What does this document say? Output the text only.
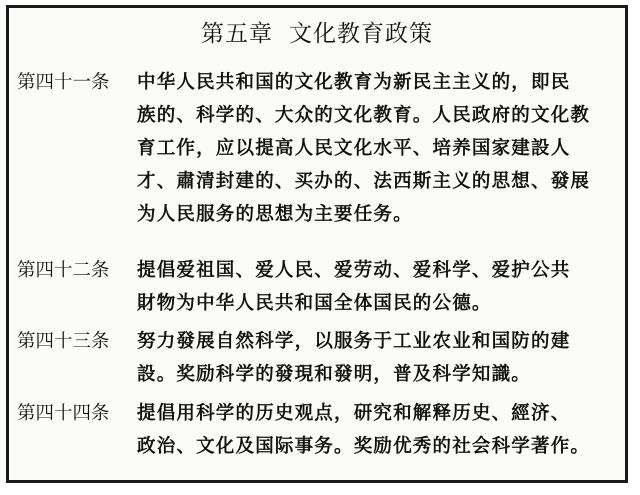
第五章 文化教育政策
第四十一条 中华人民共和国的文化教育为新民主主义的，即民
族的、科学的、大众的文化教育。人民政府的文化教
育工作，应以提高人民文化水平、培养国家建設人
才、肅清封建的、买办的、法西斯主义的思想、發展
为人民服务的思想为主要任务。
第四十二条 提倡爱祖国、爱人民、爱劳动、爱科学、爱护公共
財物为中华人民共和国全体国民的公德。
第四十三条 努力發展自然科学，以服务于工业农业和国防的建
設。奖励科学的發現和發明，普及科学知識。
第四十四条 提倡用科学的历史观点，研究和解释历史、經济、
政治、文化及国际事务。奖励优秀的社会科学著作。
